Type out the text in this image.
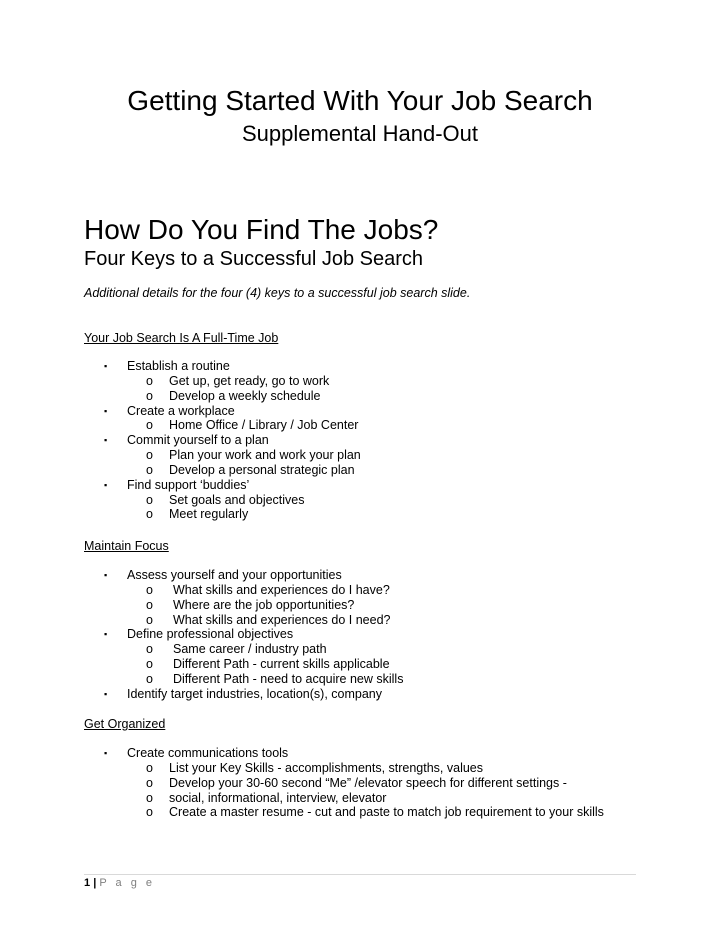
Getting Started With Your Job Search
Supplemental Hand-Out
How Do You Find The Jobs?
Four Keys to a Successful Job Search

Additional details for the four (4) keys to a successful job search slide.

Your Job Search Is A Full-Time Job

▪ Establish a routine
o Get up, get ready, go to work
o Develop a weekly schedule
▪ Create a workplace
o Home Office / Library / Job Center
▪ Commit yourself to a plan
o Plan your work and work your plan
o Develop a personal strategic plan
▪ Find support ‘buddies’
o Set goals and objectives
o Meet regularly

Maintain Focus

▪ Assess yourself and your opportunities
o What skills and experiences do I have?
o Where are the job opportunities?
o What skills and experiences do I need?
▪ Define professional objectives
o Same career / industry path
o Different Path - current skills applicable
o Different Path - need to acquire new skills
▪ Identify target industries, location(s), company

Get Organized

▪ Create communications tools
o List your Key Skills - accomplishments, strengths, values
o Develop your 30-60 second “Me” /elevator speech for different settings -
o social, informational, interview, elevator
o Create a master resume - cut and paste to match job requirement to your skills
1 | P a g e
